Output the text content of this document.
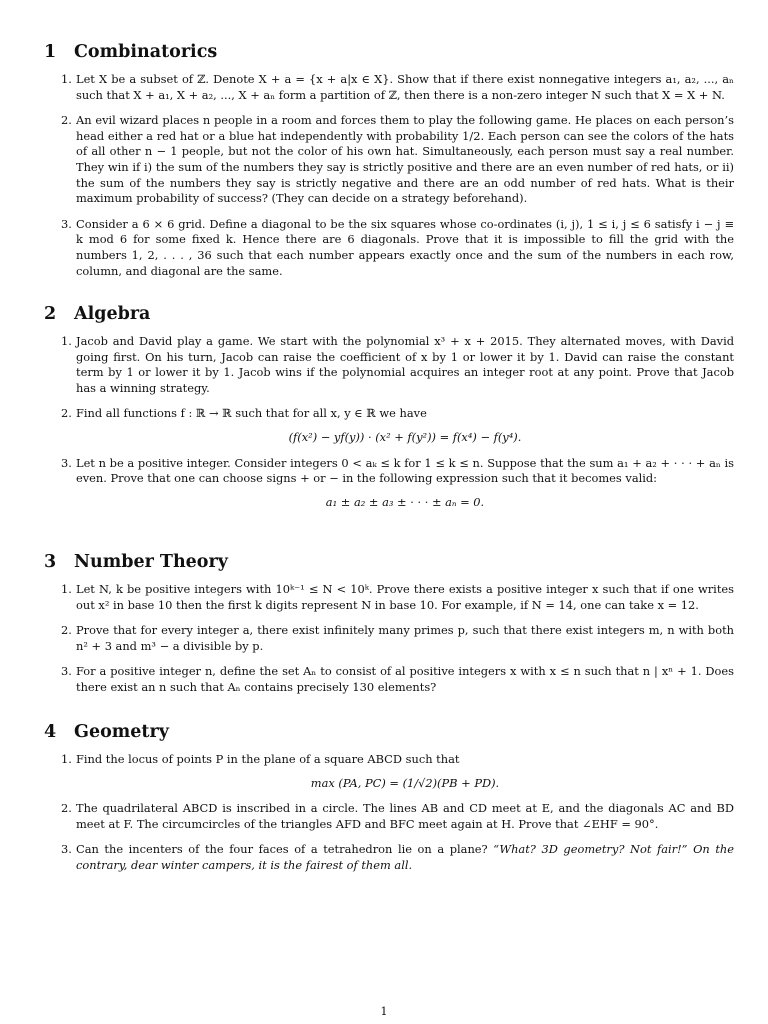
1 Combinatorics
1. Let X be a subset of ℤ. Denote X + a = {x + a|x ∈ X}. Show that if there exist nonnegative integers a₁, a₂, ..., aₙ such that X + a₁, X + a₂, ..., X + aₙ form a partition of ℤ, then there is a non-zero integer N such that X = X + N.
2. An evil wizard places n people in a room and forces them to play the following game. He places on each person’s head either a red hat or a blue hat independently with probability 1/2. Each person can see the colors of the hats of all other n − 1 people, but not the color of his own hat. Simultaneously, each person must say a real number. They win if i) the sum of the numbers they say is strictly positive and there are an even number of red hats, or ii) the sum of the numbers they say is strictly negative and there are an odd number of red hats. What is their maximum probability of success? (They can decide on a strategy beforehand).
3. Consider a 6 × 6 grid. Define a diagonal to be the six squares whose co-ordinates (i, j), 1 ≤ i, j ≤ 6 satisfy i − j ≡ k mod 6 for some fixed k. Hence there are 6 diagonals. Prove that it is impossible to fill the grid with the numbers 1, 2, . . . , 36 such that each number appears exactly once and the sum of the numbers in each row, column, and diagonal are the same.
2 Algebra
1. Jacob and David play a game. We start with the polynomial x³ + x + 2015. They alternated moves, with David going first. On his turn, Jacob can raise the coefficient of x by 1 or lower it by 1. David can raise the constant term by 1 or lower it by 1. Jacob wins if the polynomial acquires an integer root at any point. Prove that Jacob has a winning strategy.
2. Find all functions f : ℝ → ℝ such that for all x, y ∈ ℝ we have
(f(x²) − yf(y)) · (x² + f(y²)) = f(x⁴) − f(y⁴).
3. Let n be a positive integer. Consider integers 0 < aₖ ≤ k for 1 ≤ k ≤ n. Suppose that the sum a₁ + a₂ + · · · + aₙ is even. Prove that one can choose signs + or − in the following expression such that it becomes valid:
a₁ ± a₂ ± a₃ ± · · · ± aₙ = 0.
3 Number Theory
1. Let N, k be positive integers with 10ᵏ⁻¹ ≤ N < 10ᵏ. Prove there exists a positive integer x such that if one writes out x² in base 10 then the first k digits represent N in base 10. For example, if N = 14, one can take x = 12.
2. Prove that for every integer a, there exist infinitely many primes p, such that there exist integers m, n with both n² + 3 and m³ − a divisible by p.
3. For a positive integer n, define the set Aₙ to consist of al positive integers x with x ≤ n such that n | xⁿ + 1. Does there exist an n such that Aₙ contains precisely 130 elements?
4 Geometry
1. Find the locus of points P in the plane of a square ABCD such that
max (PA, PC) = (1/√2)(PB + PD).
2. The quadrilateral ABCD is inscribed in a circle. The lines AB and CD meet at E, and the diagonals AC and BD meet at F. The circumcircles of the triangles AFD and BFC meet again at H. Prove that ∠EHF = 90°.
3. Can the incenters of the four faces of a tetrahedron lie on a plane? “What? 3D geometry? Not fair!” On the contrary, dear winter campers, it is the fairest of them all.
1
